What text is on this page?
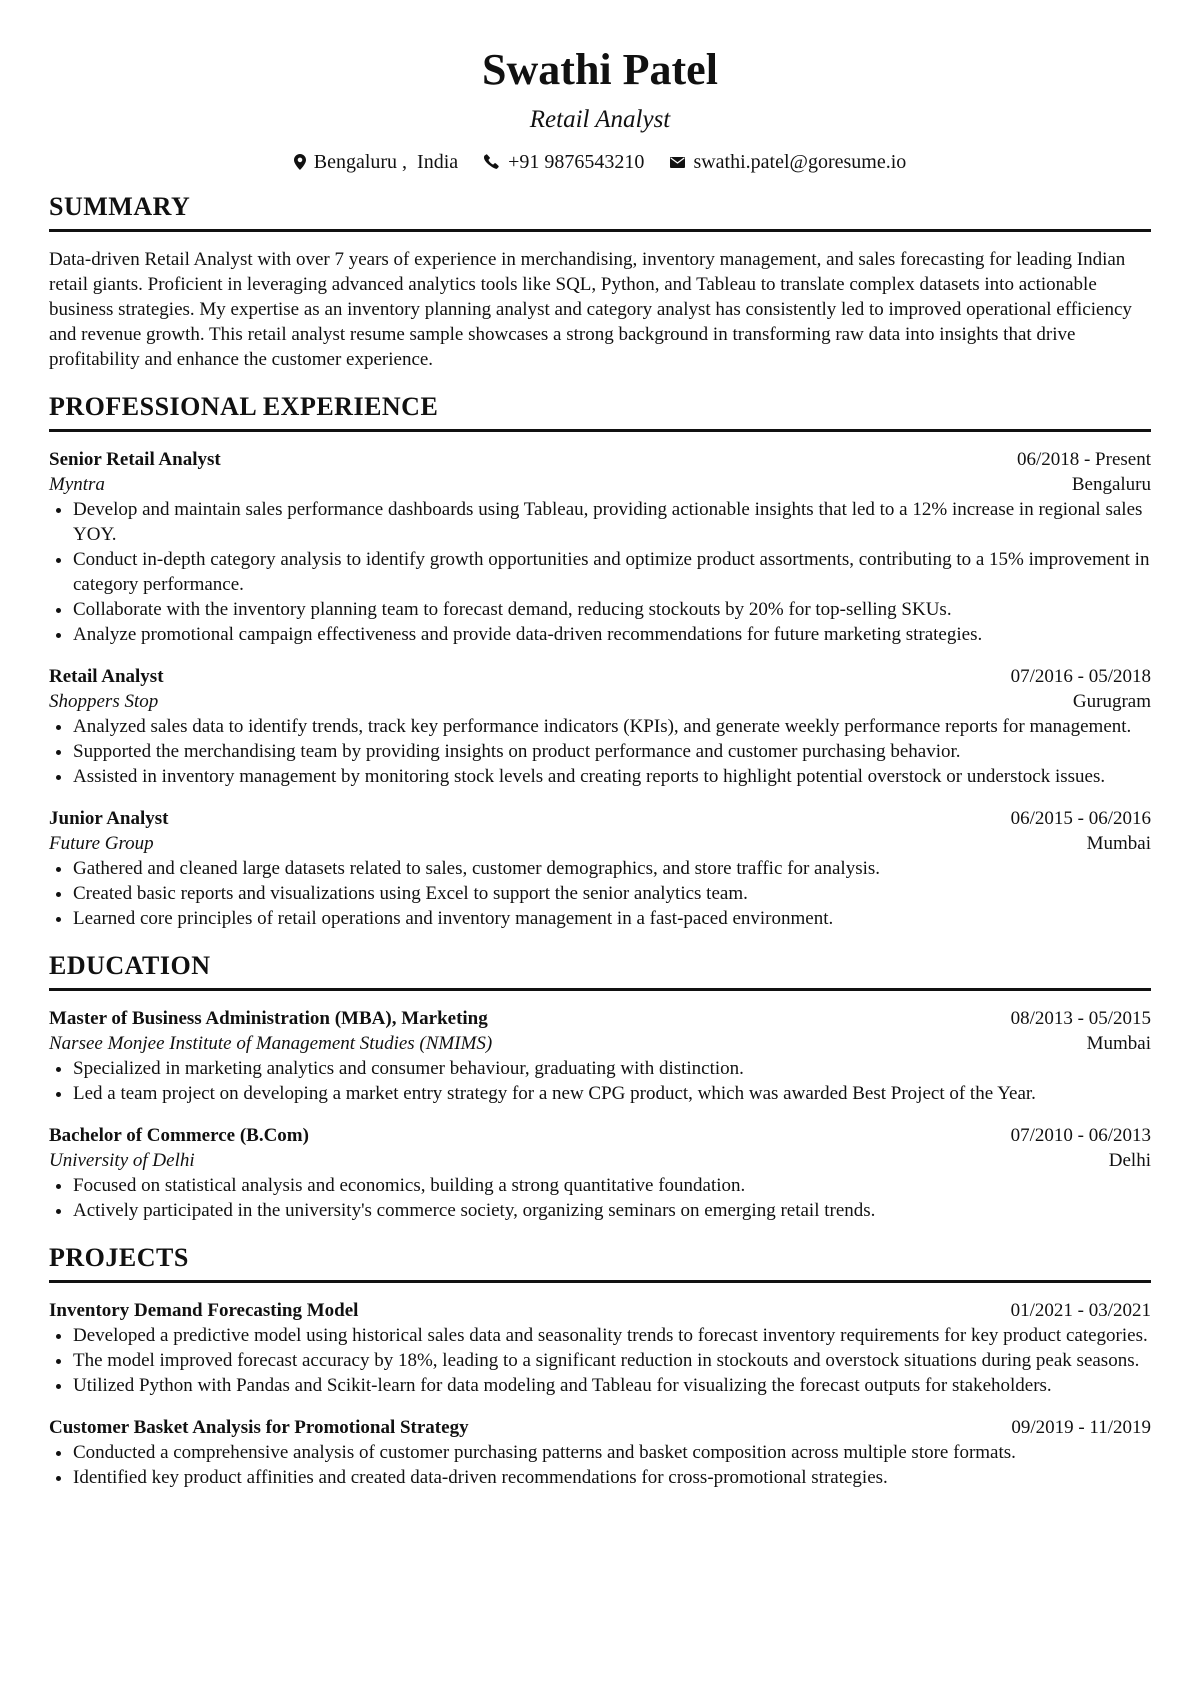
Swathi Patel
Retail Analyst
Bengaluru ,  India	+91 9876543210 swathi.patel@goresume.io
SUMMARY

Data-driven Retail Analyst with over 7 years of experience in merchandising, inventory management, and sales forecasting for leading Indian retail giants. Proficient in leveraging advanced analytics tools like SQL, Python, and Tableau to translate complex datasets into actionable business strategies. My expertise as an inventory planning analyst and category analyst has consistently led to improved operational efficiency and revenue growth. This retail analyst resume sample showcases a strong background in transforming raw data into insights that drive profitability and enhance the customer experience.

PROFESSIONAL EXPERIENCE
Senior Retail Analyst	06/2018 - Present
Myntra	Bengaluru
• Develop and maintain sales performance dashboards using Tableau, providing actionable insights that led to a 12% increase in regional sales YOY.
• Conduct in-depth category analysis to identify growth opportunities and optimize product assortments, contributing to a 15% improvement in category performance.
• Collaborate with the inventory planning team to forecast demand, reducing stockouts by 20% for top-selling SKUs.
• Analyze promotional campaign effectiveness and provide data-driven recommendations for future marketing strategies.
Retail Analyst	07/2016 - 05/2018
Shoppers Stop	Gurugram
• Analyzed sales data to identify trends, track key performance indicators (KPIs), and generate weekly performance reports for management.
• Supported the merchandising team by providing insights on product performance and customer purchasing behavior.
• Assisted in inventory management by monitoring stock levels and creating reports to highlight potential overstock or understock issues.
Junior Analyst	06/2015 - 06/2016
Future Group	Mumbai
• Gathered and cleaned large datasets related to sales, customer demographics, and store traffic for analysis.
• Created basic reports and visualizations using Excel to support the senior analytics team.
• Learned core principles of retail operations and inventory management in a fast-paced environment.
EDUCATION
Master of Business Administration (MBA), Marketing	08/2013 - 05/2015
Narsee Monjee Institute of Management Studies (NMIMS)	Mumbai
• Specialized in marketing analytics and consumer behaviour, graduating with distinction.
• Led a team project on developing a market entry strategy for a new CPG product, which was awarded Best Project of the Year.
Bachelor of Commerce (B.Com)	07/2010 - 06/2013
University of Delhi	Delhi
• Focused on statistical analysis and economics, building a strong quantitative foundation.
• Actively participated in the university's commerce society, organizing seminars on emerging retail trends.
PROJECTS
Inventory Demand Forecasting Model	01/2021 - 03/2021
• Developed a predictive model using historical sales data and seasonality trends to forecast inventory requirements for key product categories.
• The model improved forecast accuracy by 18%, leading to a significant reduction in stockouts and overstock situations during peak seasons.
• Utilized Python with Pandas and Scikit-learn for data modeling and Tableau for visualizing the forecast outputs for stakeholders.
Customer Basket Analysis for Promotional Strategy	09/2019 - 11/2019
• Conducted a comprehensive analysis of customer purchasing patterns and basket composition across multiple store formats.
• Identified key product affinities and created data-driven recommendations for cross-promotional strategies.
